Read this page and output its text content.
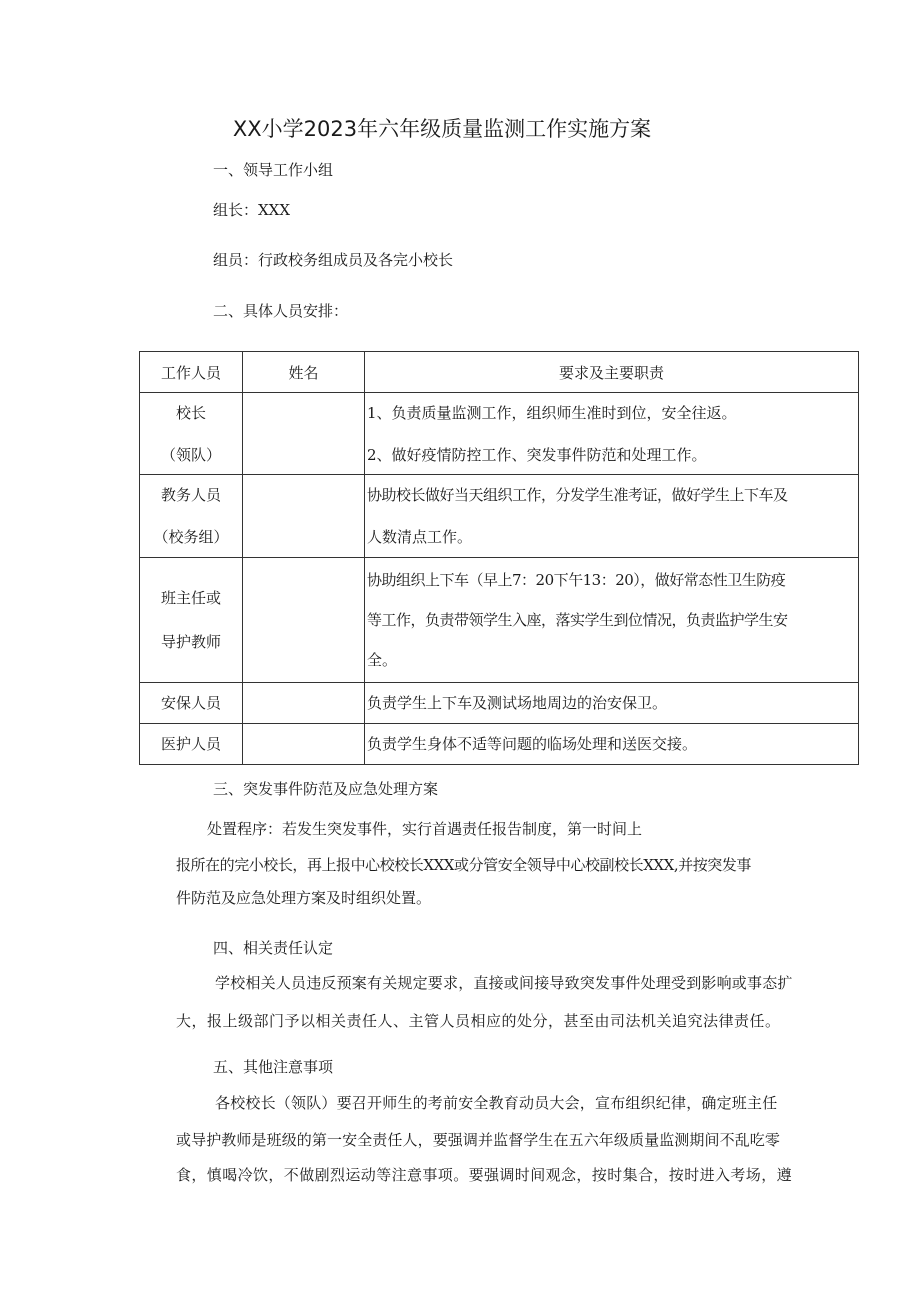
XX小学2023年六年级质量监测工作实施方案
一、领导工作小组
组长：XXX
组员：行政校务组成员及各完小校长
二、具体人员安排：
工作人员	姓名	要求及主要职责

校长
（领队）		1、负责质量监测工作，组织师生准时到位，安全往返。
2、做好疫情防控工作、突发事件防范和处理工作。

教务人员
（校务组）		协助校长做好当天组织工作，分发学生准考证，做好学生上下车及
人数清点工作。

班主任或
导护教师		协助组织上下车（早上7：20下午13：20），做好常态性卫生防疫
等工作，负责带领学生入座，落实学生到位情况，负责监护学生安
全。

安保人员		负责学生上下车及测试场地周边的治安保卫。

医护人员		负责学生身体不适等问题的临场处理和送医交接。
三、突发事件防范及应急处理方案
处置程序：若发生突发事件，实行首遇责任报告制度，第一时间上
报所在的完小校长，再上报中心校校长XXX或分管安全领导中心校副校长XXX,并按突发事
件防范及应急处理方案及时组织处置。
四、相关责任认定
学校相关人员违反预案有关规定要求，直接或间接导致突发事件处理受到影响或事态扩
大，报上级部门予以相关责任人、主管人员相应的处分，甚至由司法机关追究法律责任。
五、其他注意事项
各校校长（领队）要召开师生的考前安全教育动员大会，宣布组织纪律，确定班主任
或导护教师是班级的第一安全责任人，要强调并监督学生在五六年级质量监测期间不乱吃零
食，慎喝冷饮，不做剧烈运动等注意事项。要强调时间观念，按时集合，按时进入考场，遵
